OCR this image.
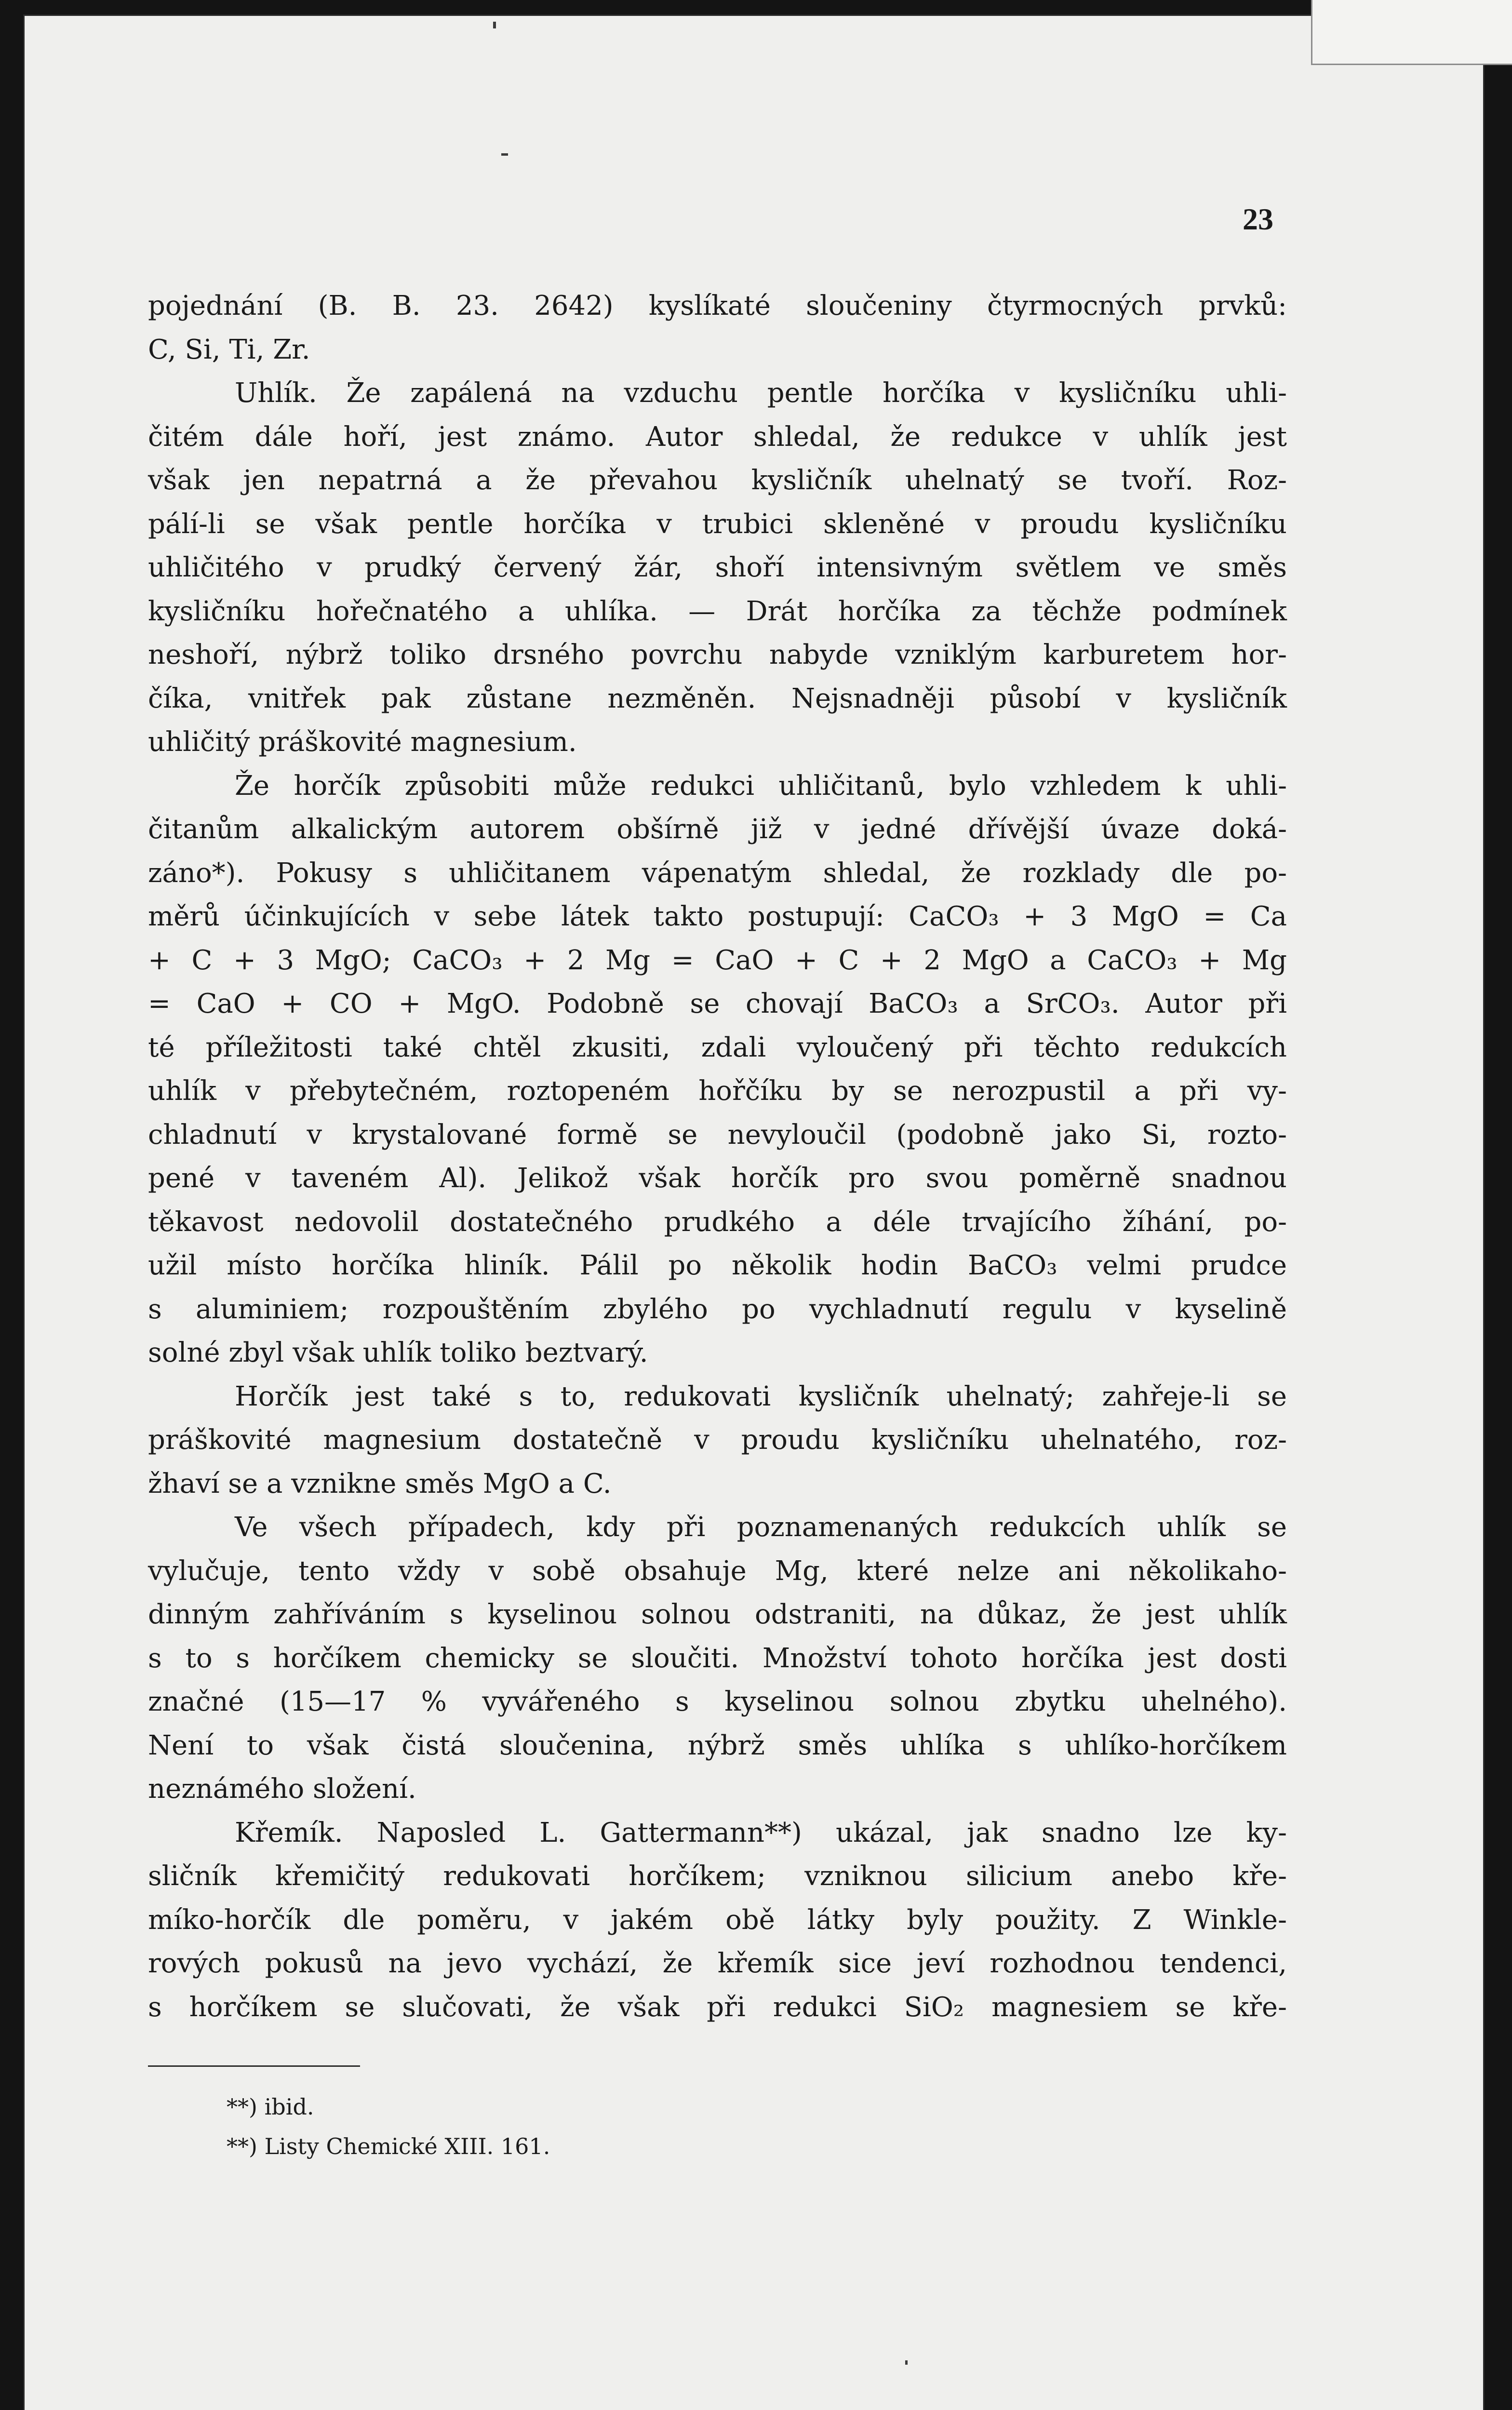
23
pojednání (B. B. 23. 2642) kyslíkaté sloučeniny čtyrmocných prvků:
C, Si, Ti, Zr.
Uhlík. Že zapálená na vzduchu pentle horčíka v kysličníku uhli-
čitém dále hoří, jest známo. Autor shledal, že redukce v uhlík jest
však jen nepatrná a že převahou kysličník uhelnatý se tvoří. Roz-
pálí-li se však pentle horčíka v trubici skleněné v proudu kysličníku
uhličitého v prudký červený žár, shoří intensivným světlem ve směs
kysličníku hořečnatého a uhlíka. — Drát horčíka za těchže podmínek
neshoří, nýbrž toliko drsného povrchu nabyde vzniklým karburetem hor-
číka, vnitřek pak zůstane nezměněn. Nejsnadněji působí v kysličník
uhličitý práškovité magnesium.
Že horčík způsobiti může redukci uhličitanů, bylo vzhledem k uhli-
čitanům alkalickým autorem obšírně již v jedné dřívější úvaze doká-
záno*). Pokusy s uhličitanem vápenatým shledal, že rozklady dle po-
měrů účinkujících v sebe látek takto postupují: CaCO₃ + 3 MgO = Ca
+ C + 3 MgO; CaCO₃ + 2 Mg = CaO + C + 2 MgO a CaCO₃ + Mg
= CaO + CO + MgO. Podobně se chovají BaCO₃ a SrCO₃. Autor při
té příležitosti také chtěl zkusiti, zdali vyloučený při těchto redukcích
uhlík v přebytečném, roztopeném hořčíku by se nerozpustil a při vy-
chladnutí v krystalované formě se nevyloučil (podobně jako Si, rozto-
pené v taveném Al). Jelikož však horčík pro svou poměrně snadnou
těkavost nedovolil dostatečného prudkého a déle trvajícího žíhání, po-
užil místo horčíka hliník. Pálil po několik hodin BaCO₃ velmi prudce
s aluminiem; rozpouštěním zbylého po vychladnutí regulu v kyselině
solné zbyl však uhlík toliko beztvarý.
Horčík jest také s to, redukovati kysličník uhelnatý; zahřeje-li se
práškovité magnesium dostatečně v proudu kysličníku uhelnatého, roz-
žhaví se a vznikne směs MgO a C.
Ve všech případech, kdy při poznamenaných redukcích uhlík se
vylučuje, tento vždy v sobě obsahuje Mg, které nelze ani několikaho-
dinným zahříváním s kyselinou solnou odstraniti, na důkaz, že jest uhlík
s to s horčíkem chemicky se sloučiti. Množství tohoto horčíka jest dosti
značné (15—17 % vyvářeného s kyselinou solnou zbytku uhelného).
Není to však čistá sloučenina, nýbrž směs uhlíka s uhlíko-horčíkem
neznámého složení.
Křemík. Naposled L. Gattermann**) ukázal, jak snadno lze ky-
sličník křemičitý redukovati horčíkem; vzniknou silicium anebo kře-
míko-horčík dle poměru, v jakém obě látky byly použity. Z Winkle-
rových pokusů na jevo vychází, že křemík sice jeví rozhodnou tendenci,
s horčíkem se slučovati, že však při redukci SiO₂ magnesiem se kře-
**) ibid.
**) Listy Chemické XIII. 161.
